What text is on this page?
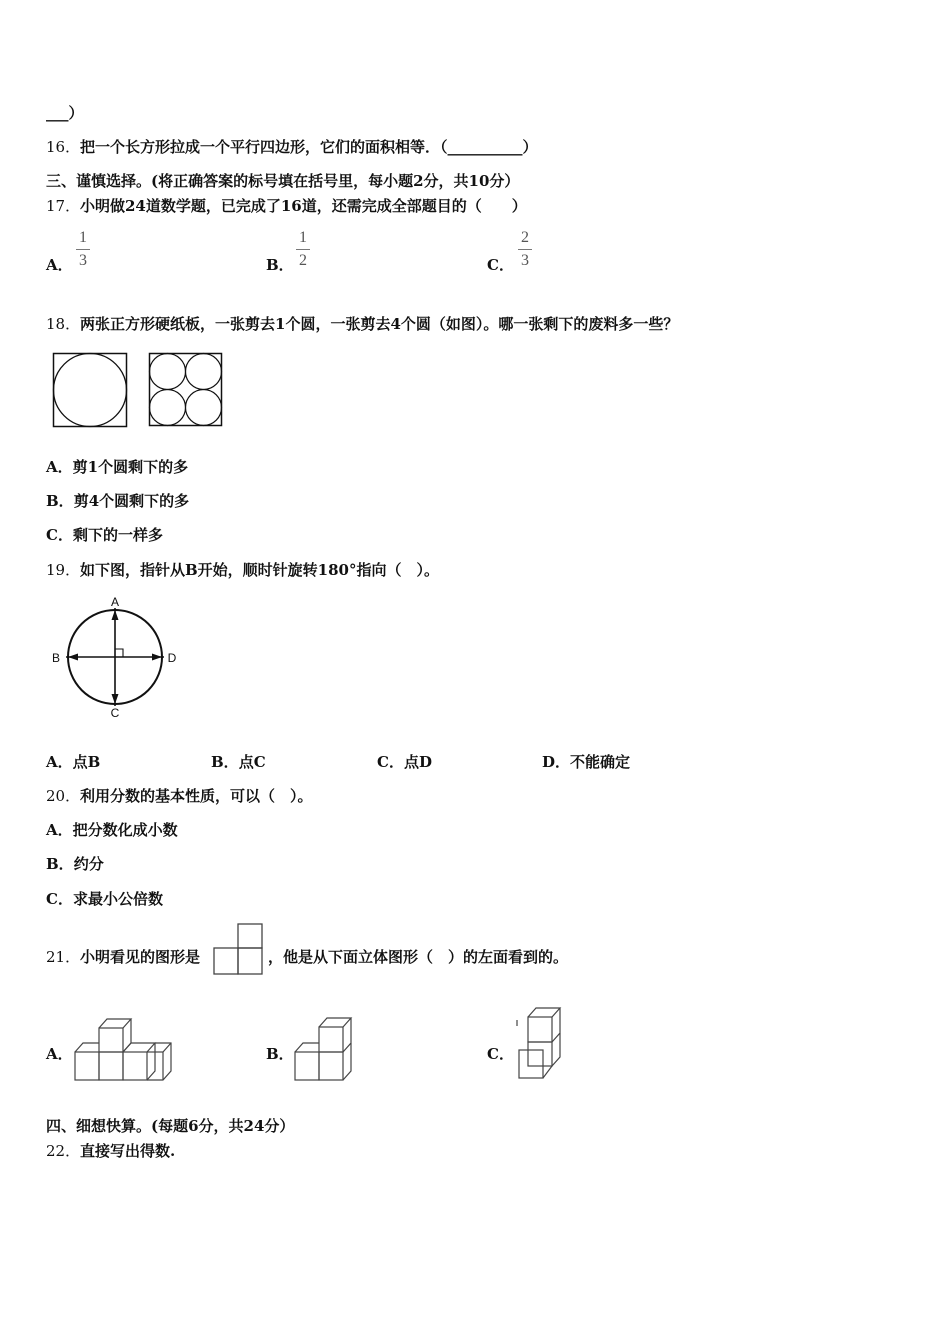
___）
16． 把一个长方形拉成一个平行四边形，它们的面积相等．（__________）
三、谨慎选择。(将正确答案的标号填在括号里，每小题2分，共10分）
17． 小明做24道数学题，已完成了16道，还需完成全部题目的（　　）
A．
1
3	B．
1
2	C．
2
3
18． 两张正方形硬纸板，一张剪去1个圆，一张剪去4个圆（如图）。哪一张剩下的废料多一些？
A．剪1个圆剩下的多
B．剪4个圆剩下的多
C．剩下的一样多
19． 如下图，指针从B开始，顺时针旋转180°指向（　）。
A
B
C
D
A．点B	B．点C	C．点D	D．不能确定
20． 利用分数的基本性质，可以（　）。
A．把分数化成小数
B．约分
C．求最小公倍数
21． 小明看见的图形是	，他是从下面立体图形（　）的左面看到的。
A．	B．	C．
四、细想快算。(每题6分，共24分）
22． 直接写出得数.
